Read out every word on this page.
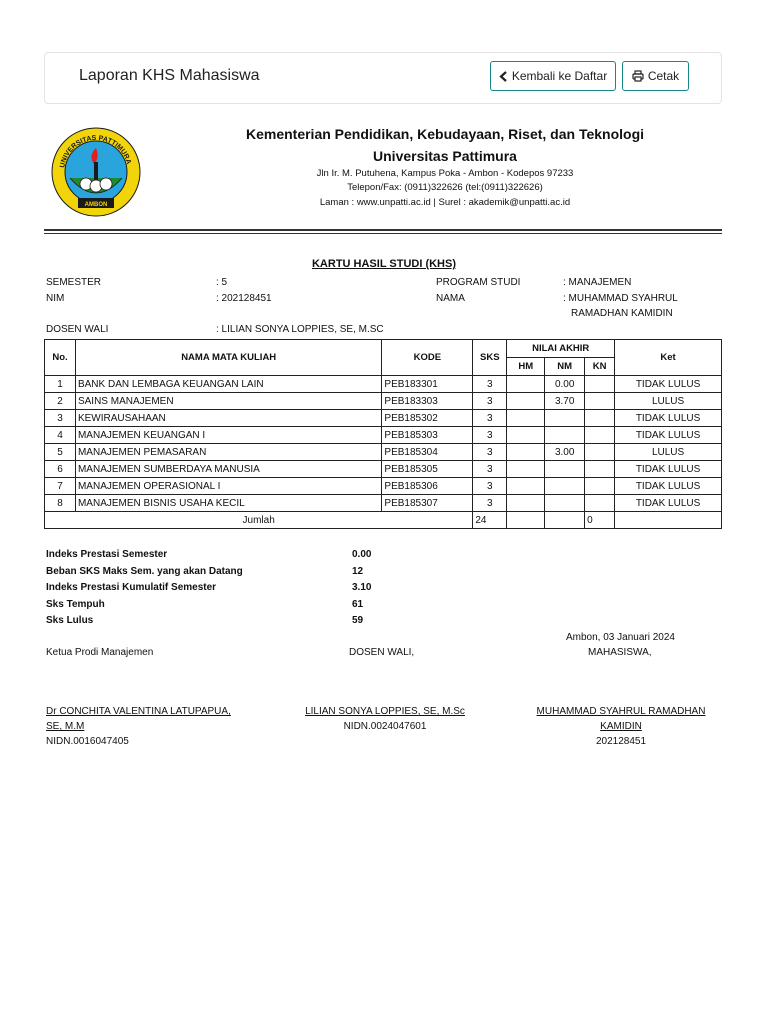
Laporan KHS Mahasiswa	Kembali ke Daftar	Cetak
UNIVERSITAS PATTIMURA
AMBON
Kementerian Pendidikan, Kebudayaan, Riset, dan Teknologi
Universitas Pattimura
Jln Ir. M. Putuhena, Kampus Poka - Ambon - Kodepos 97233
Telepon/Fax: (0911)322626 (tel:(0911)322626)
Laman : www.unpatti.ac.id | Surel : akademik@unpatti.ac.id
KARTU HASIL STUDI (KHS)
SEMESTER	: 5
NIM	: 202128451
DOSEN WALI	: LILIAN SONYA LOPPIES, SE, M.SC
PROGRAM STUDI	: MANAJEMEN
NAMA	: MUHAMMAD SYAHRUL
RAMADHAN KAMIDIN
No.	NAMA MATA KULIAH	KODE	SKS	NILAI AKHIR			Ket
				HM	NM	KN	
1	BANK DAN LEMBAGA KEUANGAN LAIN	PEB183301	3		0.00		TIDAK LULUS
2	SAINS MANAJEMEN	PEB183303	3		3.70		LULUS
3	KEWIRAUSAHAAN	PEB185302	3				TIDAK LULUS
4	MANAJEMEN KEUANGAN I	PEB185303	3				TIDAK LULUS
5	MANAJEMEN PEMASARAN	PEB185304	3		3.00		LULUS
6	MANAJEMEN SUMBERDAYA MANUSIA	PEB185305	3				TIDAK LULUS
7	MANAJEMEN OPERASIONAL I	PEB185306	3				TIDAK LULUS
8	MANAJEMEN BISNIS USAHA KECIL	PEB185307	3				TIDAK LULUS
Jumlah			24			0	
Indeks Prestasi Semester	0.00
Beban SKS Maks Sem. yang akan Datang	12
Indeks Prestasi Kumulatif Semester	3.10
Sks Tempuh	61
Sks Lulus	59
Ambon, 03 Januari 2024
Ketua Prodi Manajemen	DOSEN WALI,	MAHASISWA,
Dr CONCHITA VALENTINA LATUPAPUA,
SE, M.M
NIDN.0016047405
LILIAN SONYA LOPPIES, SE, M.Sc
NIDN.0024047601
MUHAMMAD SYAHRUL RAMADHAN
KAMIDIN
202128451
